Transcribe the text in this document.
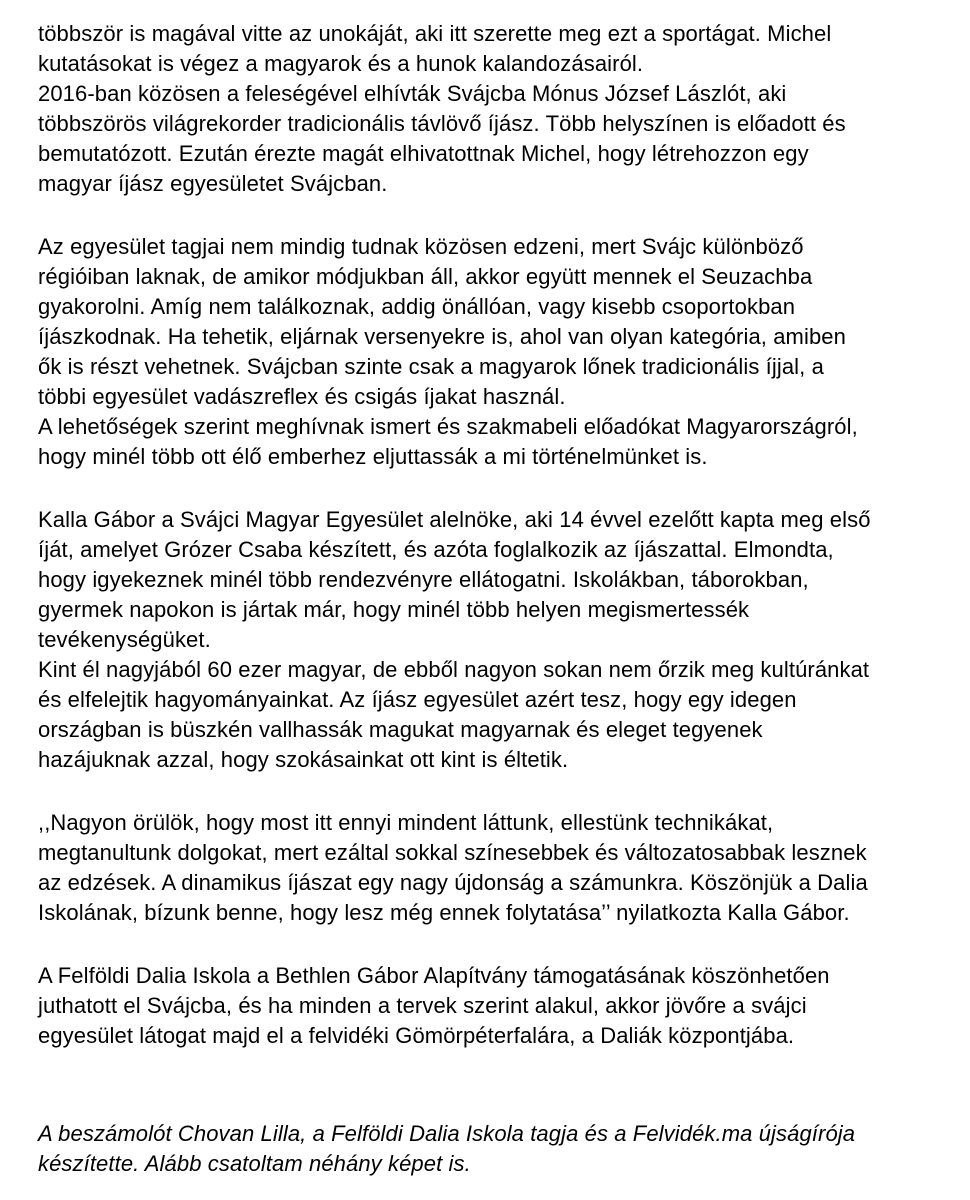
többször is magával vitte az unokáját, aki itt szerette meg ezt a sportágat. Michel
kutatásokat is végez a magyarok és a hunok kalandozásairól.

2016-ban közösen a feleségével elhívták Svájcba Mónus József Lászlót, aki
többszörös világrekorder tradicionális távlövő íjász. Több helyszínen is előadott és
bemutatózott. Ezután érezte magát elhivatottnak Michel, hogy létrehozzon egy
magyar íjász egyesületet Svájcban.

Az egyesület tagjai nem mindig tudnak közösen edzeni, mert Svájc különböző
régióiban laknak, de amikor módjukban áll, akkor együtt mennek el Seuzachba
gyakorolni. Amíg nem találkoznak, addig önállóan, vagy kisebb csoportokban
íjászkodnak. Ha tehetik, eljárnak versenyekre is, ahol van olyan kategória, amiben
ők is részt vehetnek. Svájcban szinte csak a magyarok lőnek tradicionális íjjal, a
többi egyesület vadászreflex és csigás íjakat használ.

A lehetőségek szerint meghívnak ismert és szakmabeli előadókat Magyarországról,
hogy minél több ott élő emberhez eljuttassák a mi történelmünket is.

Kalla Gábor a Svájci Magyar Egyesület alelnöke, aki 14 évvel ezelőtt kapta meg első
íját, amelyet Grózer Csaba készített, és azóta foglalkozik az íjászattal. Elmondta,
hogy igyekeznek minél több rendezvényre ellátogatni. Iskolákban, táborokban,
gyermek napokon is jártak már, hogy minél több helyen megismertessék
tevékenységüket.

Kint él nagyjából 60 ezer magyar, de ebből nagyon sokan nem őrzik meg kultúránkat
és elfelejtik hagyományainkat. Az íjász egyesület azért tesz, hogy egy idegen
országban is büszkén vallhassák magukat magyarnak és eleget tegyenek
hazájuknak azzal, hogy szokásainkat ott kint is éltetik.

,,Nagyon örülök, hogy most itt ennyi mindent láttunk, ellestünk technikákat,
megtanultunk dolgokat, mert ezáltal sokkal színesebbek és változatosabbak lesznek
az edzések. A dinamikus íjászat egy nagy újdonság a számunkra. Köszönjük a Dalia
Iskolának, bízunk benne, hogy lesz még ennek folytatása’’ nyilatkozta Kalla Gábor.

A Felföldi Dalia Iskola a Bethlen Gábor Alapítvány támogatásának köszönhetően
juthatott el Svájcba, és ha minden a tervek szerint alakul, akkor jövőre a svájci
egyesület látogat majd el a felvidéki Gömörpéterfalára, a Daliák központjába.

A beszámolót Chovan Lilla, a Felföldi Dalia Iskola tagja és a Felvidék.ma újságírója
készítette. Alább csatoltam néhány képet is.
